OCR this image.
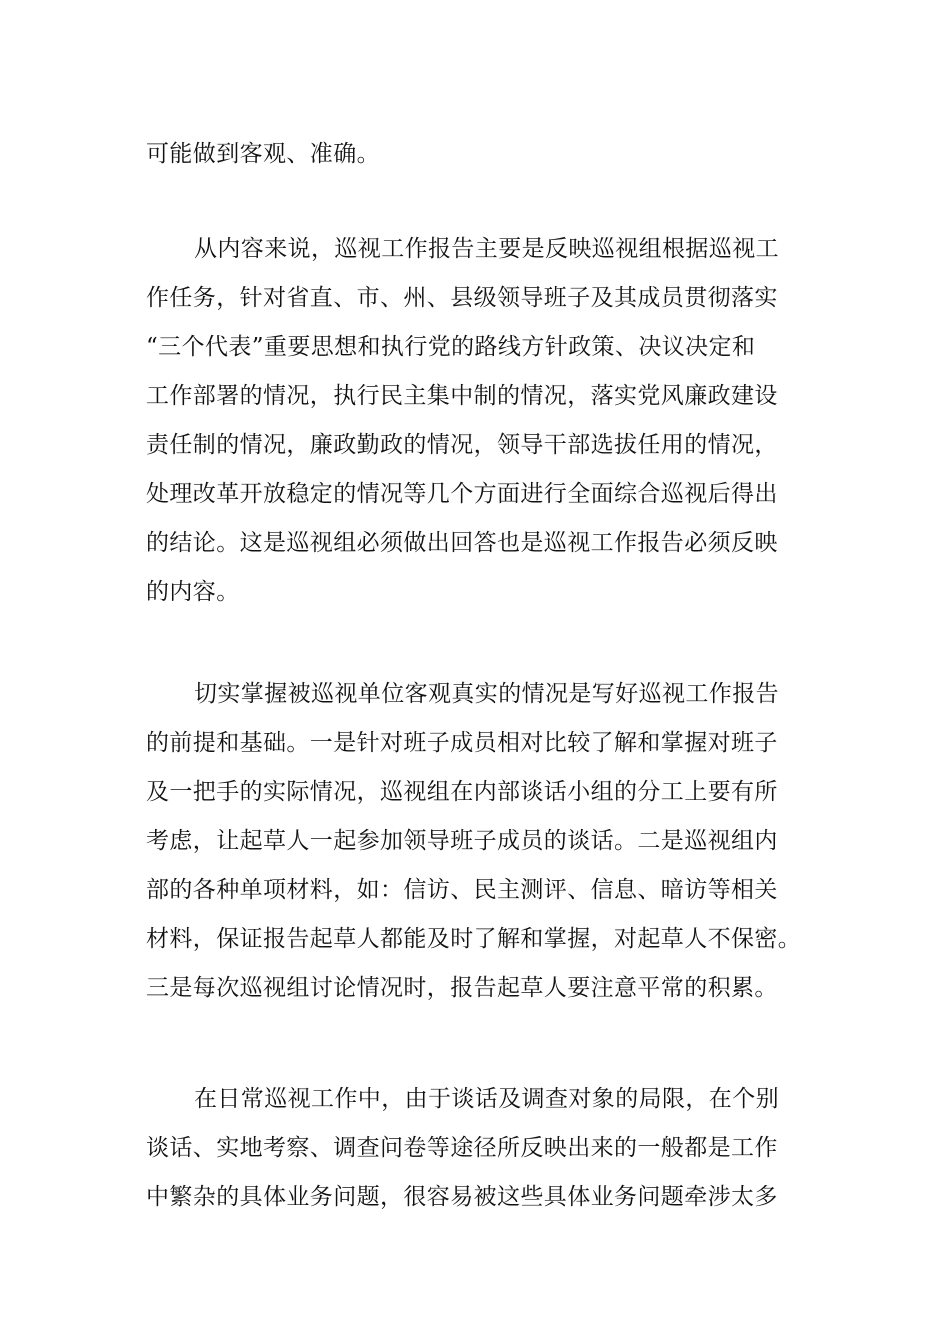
可能做到客观、准确。
从内容来说，巡视工作报告主要是反映巡视组根据巡视工
作任务，针对省直、市、州、县级领导班子及其成员贯彻落实
“三个代表”重要思想和执行党的路线方针政策、决议决定和
工作部署的情况，执行民主集中制的情况，落实党风廉政建设
责任制的情况，廉政勤政的情况，领导干部选拔任用的情况，
处理改革开放稳定的情况等几个方面进行全面综合巡视后得出
的结论。这是巡视组必须做出回答也是巡视工作报告必须反映
的内容。
切实掌握被巡视单位客观真实的情况是写好巡视工作报告
的前提和基础。一是针对班子成员相对比较了解和掌握对班子
及一把手的实际情况，巡视组在内部谈话小组的分工上要有所
考虑，让起草人一起参加领导班子成员的谈话。二是巡视组内
部的各种单项材料，如：信访、民主测评、信息、暗访等相关
材料，保证报告起草人都能及时了解和掌握，对起草人不保密。
三是每次巡视组讨论情况时，报告起草人要注意平常的积累。
在日常巡视工作中，由于谈话及调查对象的局限，在个别
谈话、实地考察、调查问卷等途径所反映出来的一般都是工作
中繁杂的具体业务问题，很容易被这些具体业务问题牵涉太多
